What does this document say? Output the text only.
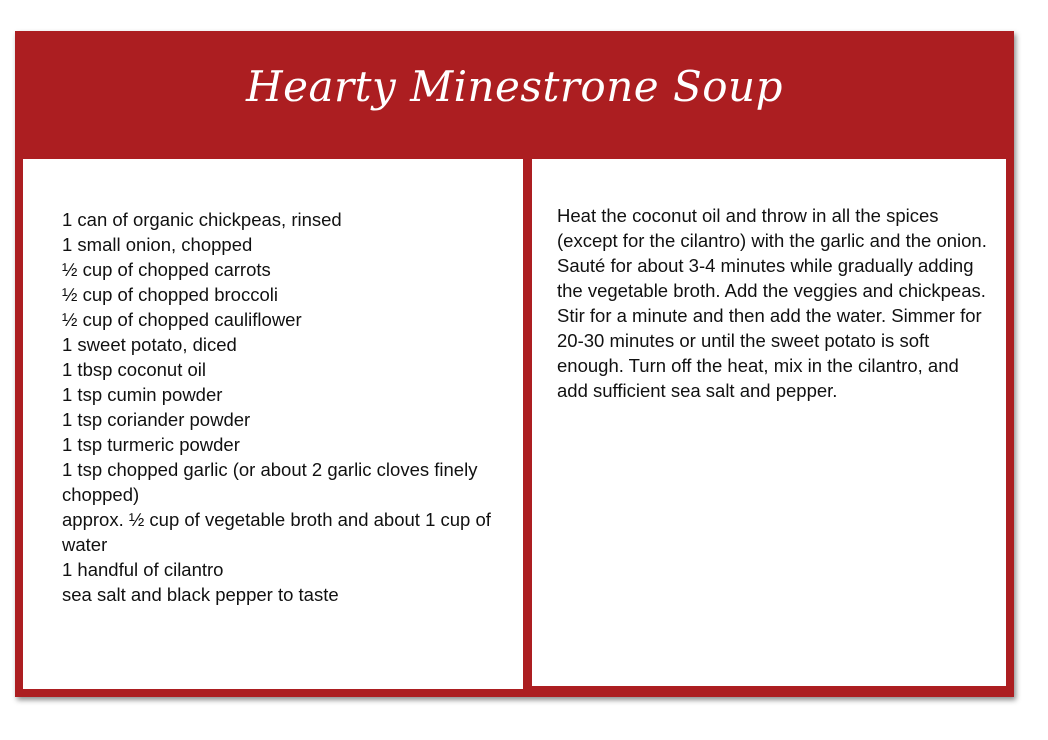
Hearty Minestrone Soup
1 can of organic chickpeas, rinsed
1 small onion, chopped
½ cup of chopped carrots
½ cup of chopped broccoli
½ cup of chopped cauliflower
1 sweet potato, diced
1 tbsp coconut oil
1 tsp cumin powder
1 tsp coriander powder
1 tsp turmeric powder
1 tsp chopped garlic (or about 2 garlic cloves finely chopped)
approx. ½ cup of vegetable broth and about 1 cup of water
1 handful of cilantro
sea salt and black pepper to taste

Heat the coconut oil and throw in all the spices (except for the cilantro) with the garlic and the onion. Sauté for about 3-4 minutes while gradually adding the vegetable broth. Add the veggies and chickpeas. Stir for a minute and then add the water. Simmer for 20-30 minutes or until the sweet potato is soft enough. Turn off the heat, mix in the cilantro, and add sufficient sea salt and pepper.
